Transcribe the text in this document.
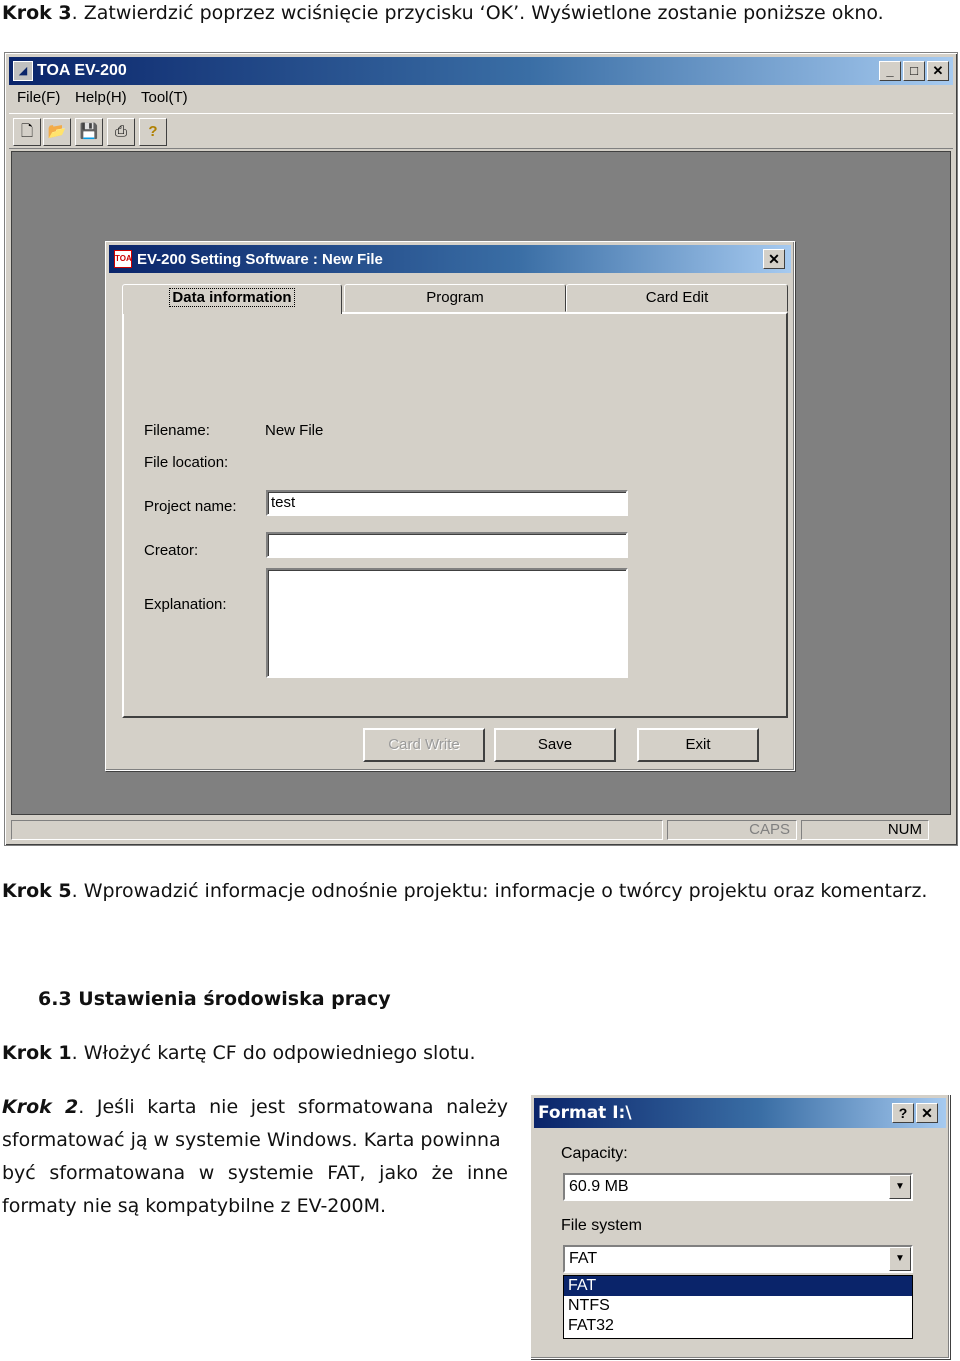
Krok 3. Zatwierdzić poprzez wciśnięcie przycisku ‘OK’. Wyświetlone zostanie poniższe okno.
◢ TOA EV-200	_	□	✕
File(F) Help(H) Tool(T)
🗋 📂 💾	⎙	?
CAPS	NUM
TOA EV-200 Setting Software : New File	✕
Data information	Program	Card Edit
Filename:	New File
File location:
Project name:	test
Creator:
Explanation:
Card Write	Save	Exit
Krok 5. Wprowadzić informacje odnośnie projektu: informacje o twórcy projektu oraz komentarz.
6.3 Ustawienia środowiska pracy
Krok 1. Włożyć kartę CF do odpowiedniego slotu.
Krok 2. Jeśli karta nie jest sformatowana należy
sformatować ją w systemie Windows. Karta powinna
być sformatowana w systemie FAT, jako że inne
formaty nie są kompatybilne z EV-200M.
Format I:\	? ✕
Capacity:
60.9 MB	▼
File system
FAT	▼
FAT
NTFS
FAT32
